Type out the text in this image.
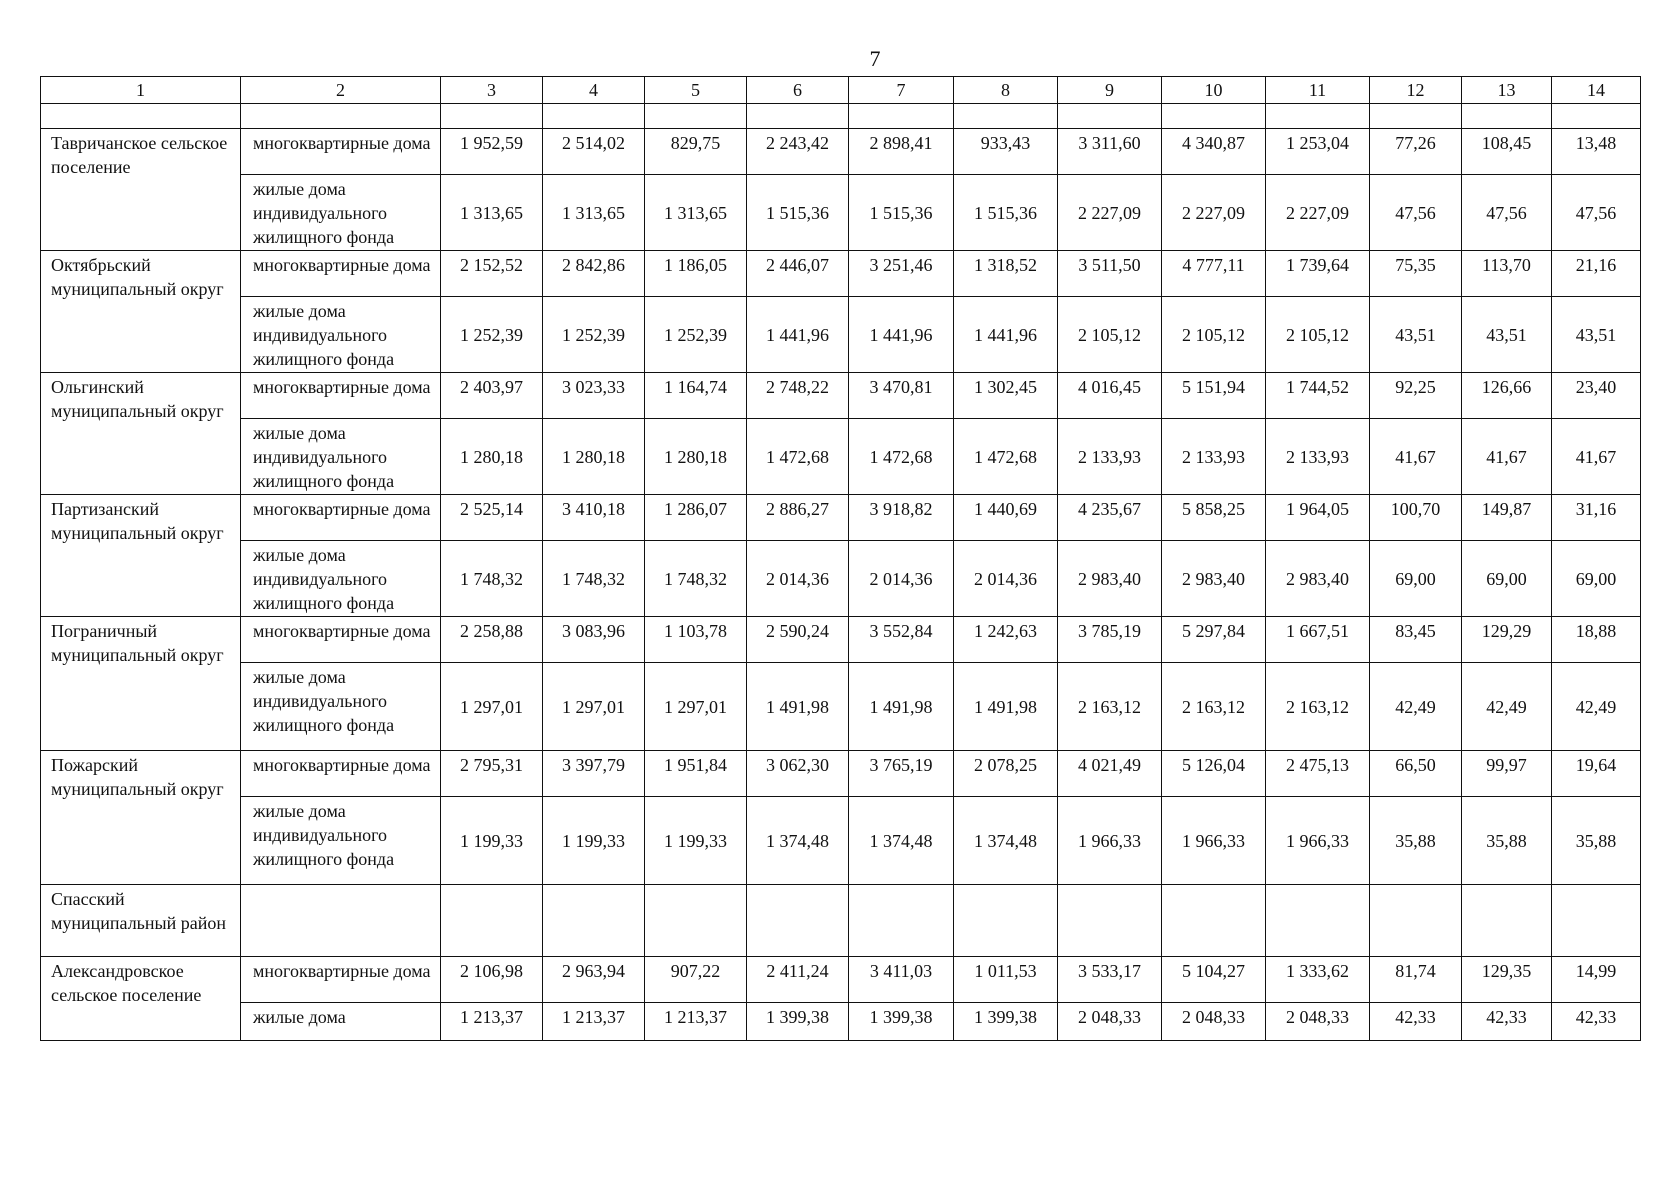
7
1	2	3	4	5	6	7	8	9	10	11	12	13	14

Тавричанское сельское поселение	многоквартирные дома	1 952,59	2 514,02	829,75	2 243,42	2 898,41	933,43	3 311,60	4 340,87	1 253,04	77,26	108,45	13,48
	жилые дома индивидуального жилищного фонда	1 313,65	1 313,65	1 313,65	1 515,36	1 515,36	1 515,36	2 227,09	2 227,09	2 227,09	47,56	47,56	47,56
Октябрьский муниципальный округ	многоквартирные дома	2 152,52	2 842,86	1 186,05	2 446,07	3 251,46	1 318,52	3 511,50	4 777,11	1 739,64	75,35	113,70	21,16
	жилые дома индивидуального жилищного фонда	1 252,39	1 252,39	1 252,39	1 441,96	1 441,96	1 441,96	2 105,12	2 105,12	2 105,12	43,51	43,51	43,51
Ольгинский муниципальный округ	многоквартирные дома	2 403,97	3 023,33	1 164,74	2 748,22	3 470,81	1 302,45	4 016,45	5 151,94	1 744,52	92,25	126,66	23,40
	жилые дома индивидуального жилищного фонда	1 280,18	1 280,18	1 280,18	1 472,68	1 472,68	1 472,68	2 133,93	2 133,93	2 133,93	41,67	41,67	41,67
Партизанский муниципальный округ	многоквартирные дома	2 525,14	3 410,18	1 286,07	2 886,27	3 918,82	1 440,69	4 235,67	5 858,25	1 964,05	100,70	149,87	31,16
	жилые дома индивидуального жилищного фонда	1 748,32	1 748,32	1 748,32	2 014,36	2 014,36	2 014,36	2 983,40	2 983,40	2 983,40	69,00	69,00	69,00
Пограничный муниципальный округ	многоквартирные дома	2 258,88	3 083,96	1 103,78	2 590,24	3 552,84	1 242,63	3 785,19	5 297,84	1 667,51	83,45	129,29	18,88
	жилые дома индивидуального жилищного фонда	1 297,01	1 297,01	1 297,01	1 491,98	1 491,98	1 491,98	2 163,12	2 163,12	2 163,12	42,49	42,49	42,49
Пожарский муниципальный округ	многоквартирные дома	2 795,31	3 397,79	1 951,84	3 062,30	3 765,19	2 078,25	4 021,49	5 126,04	2 475,13	66,50	99,97	19,64
	жилые дома индивидуального жилищного фонда	1 199,33	1 199,33	1 199,33	1 374,48	1 374,48	1 374,48	1 966,33	1 966,33	1 966,33	35,88	35,88	35,88
Спасский муниципальный район													
Александровское сельское поселение	многоквартирные дома	2 106,98	2 963,94	907,22	2 411,24	3 411,03	1 011,53	3 533,17	5 104,27	1 333,62	81,74	129,35	14,99
	жилые дома	1 213,37	1 213,37	1 213,37	1 399,38	1 399,38	1 399,38	2 048,33	2 048,33	2 048,33	42,33	42,33	42,33
